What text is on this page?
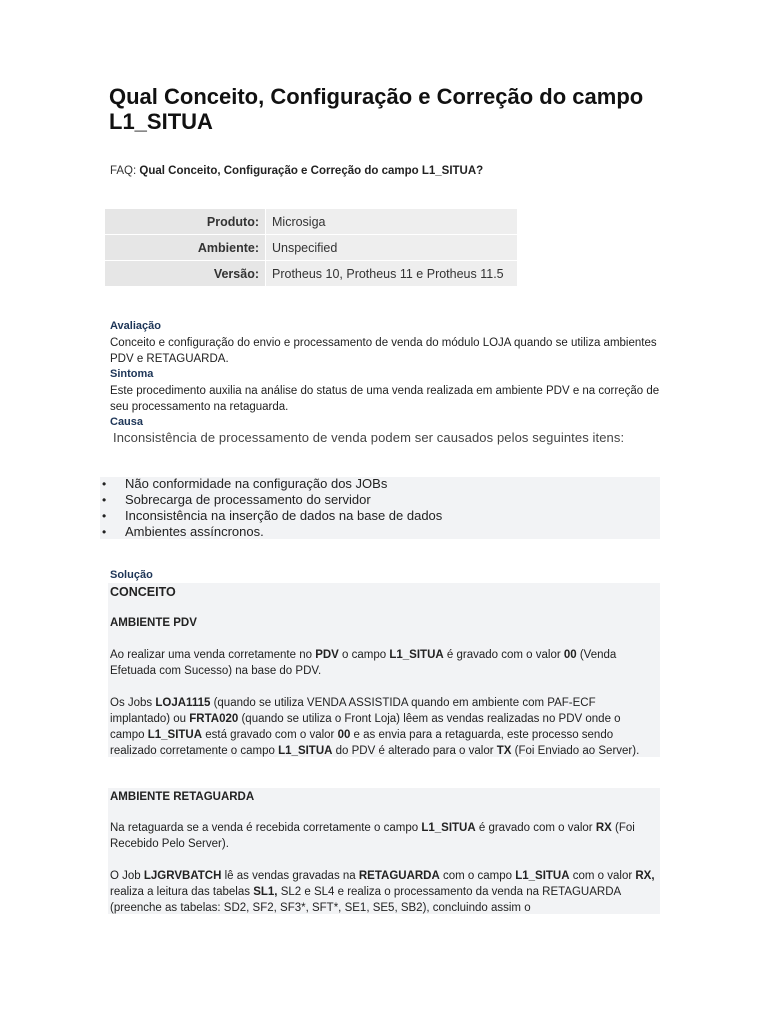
Qual Conceito, Configuração e Correção do campo L1_SITUA
FAQ: Qual Conceito, Configuração e Correção do campo L1_SITUA?
Produto:	Microsiga
Ambiente:	Unspecified
Versão:	Protheus 10, Protheus 11 e Protheus 11.5
Avaliação
Conceito e configuração do envio e processamento de venda do módulo LOJA quando se utiliza ambientes PDV e RETAGUARDA.
Sintoma
Este procedimento auxilia na análise do status de uma venda realizada em ambiente PDV e na correção de seu processamento na retaguarda.
Causa
Inconsistência de processamento de venda podem ser causados pelos seguintes itens:
• Não conformidade na configuração dos JOBs
• Sobrecarga de processamento do servidor
• Inconsistência na inserção de dados na base de dados
• Ambientes assíncronos.
Solução
CONCEITO
AMBIENTE PDV
Ao realizar uma venda corretamente no PDV o campo L1_SITUA é gravado com o valor 00 (Venda Efetuada com Sucesso) na base do PDV.
Os Jobs LOJA1115 (quando se utiliza VENDA ASSISTIDA quando em ambiente com PAF-ECF implantado) ou FRTA020 (quando se utiliza o Front Loja) lêem as vendas realizadas no PDV onde o campo L1_SITUA está gravado com o valor 00 e as envia para a retaguarda, este processo sendo realizado corretamente o campo L1_SITUA do PDV é alterado para o valor TX (Foi Enviado ao Server).
AMBIENTE RETAGUARDA
Na retaguarda se a venda é recebida corretamente o campo L1_SITUA é gravado com o valor RX (Foi Recebido Pelo Server).
O Job LJGRVBATCH lê as vendas gravadas na RETAGUARDA com o campo L1_SITUA com o valor RX, realiza a leitura das tabelas SL1, SL2 e SL4 e realiza o processamento da venda na RETAGUARDA (preenche as tabelas: SD2, SF2, SF3*, SFT*, SE1, SE5, SB2), concluindo assim o
